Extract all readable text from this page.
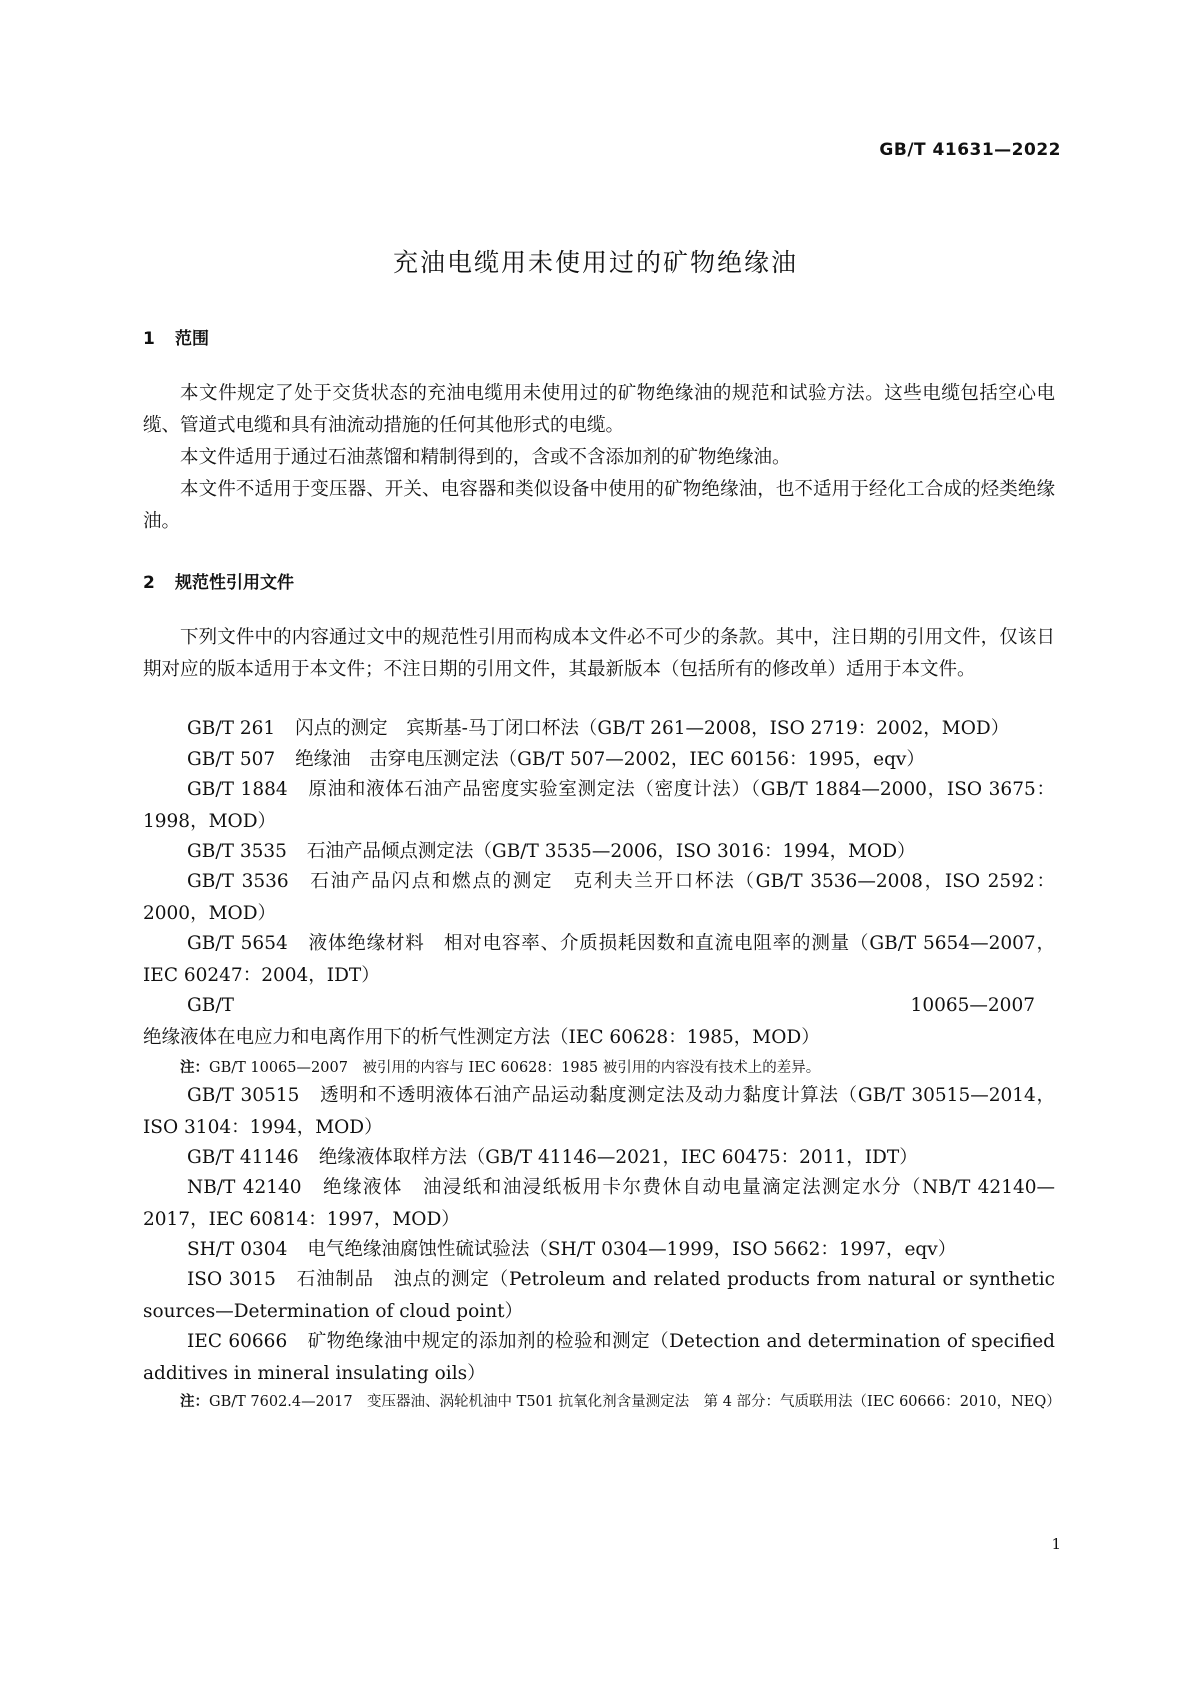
GB/T 41631—2022
充油电缆用未使用过的矿物绝缘油
1 范围
本文件规定了处于交货状态的充油电缆用未使用过的矿物绝缘油的规范和试验方法。这些电缆包括空心电缆、管道式电缆和具有油流动措施的任何其他形式的电缆。
本文件适用于通过石油蒸馏和精制得到的，含或不含添加剂的矿物绝缘油。
本文件不适用于变压器、开关、电容器和类似设备中使用的矿物绝缘油，也不适用于经化工合成的烃类绝缘油。
2 规范性引用文件
下列文件中的内容通过文中的规范性引用而构成本文件必不可少的条款。其中，注日期的引用文件，仅该日期对应的版本适用于本文件；不注日期的引用文件，其最新版本（包括所有的修改单）适用于本文件。
GB/T 261 闪点的测定　宾斯基-马丁闭口杯法（GB/T 261—2008，ISO 2719：2002，MOD）
GB/T 507 绝缘油　击穿电压测定法（GB/T 507—2002，IEC 60156：1995，eqv）
GB/T 1884 原油和液体石油产品密度实验室测定法（密度计法）（GB/T 1884—2000，ISO 3675：1998，MOD）
GB/T 3535 石油产品倾点测定法（GB/T 3535—2006，ISO 3016：1994，MOD）
GB/T 3536 石油产品闪点和燃点的测定　克利夫兰开口杯法（GB/T 3536—2008，ISO 2592：2000，MOD）
GB/T 5654 液体绝缘材料　相对电容率、介质损耗因数和直流电阻率的测量（GB/T 5654—2007，IEC 60247：2004，IDT）
GB/T 10065—2007绝缘液体在电应力和电离作用下的析气性测定方法（IEC 60628：1985，MOD）
注：GB/T 10065—2007　被引用的内容与 IEC 60628：1985 被引用的内容没有技术上的差异。
GB/T 30515 透明和不透明液体石油产品运动黏度测定法及动力黏度计算法（GB/T 30515—2014，ISO 3104：1994，MOD）
GB/T 41146 绝缘液体取样方法（GB/T 41146—2021，IEC 60475：2011，IDT）
NB/T 42140 绝缘液体　油浸纸和油浸纸板用卡尔费休自动电量滴定法测定水分（NB/T 42140—2017，IEC 60814：1997，MOD）
SH/T 0304 电气绝缘油腐蚀性硫试验法（SH/T 0304—1999，ISO 5662：1997，eqv）
ISO 3015 石油制品　浊点的测定（Petroleum and related products from natural or synthetic sources—Determination of cloud point）
IEC 60666 矿物绝缘油中规定的添加剂的检验和测定（Detection and determination of specified additives in mineral insulating oils）
注：GB/T 7602.4—2017　变压器油、涡轮机油中 T501 抗氧化剂含量测定法　第 4 部分：气质联用法（IEC 60666：2010，NEQ）
1
